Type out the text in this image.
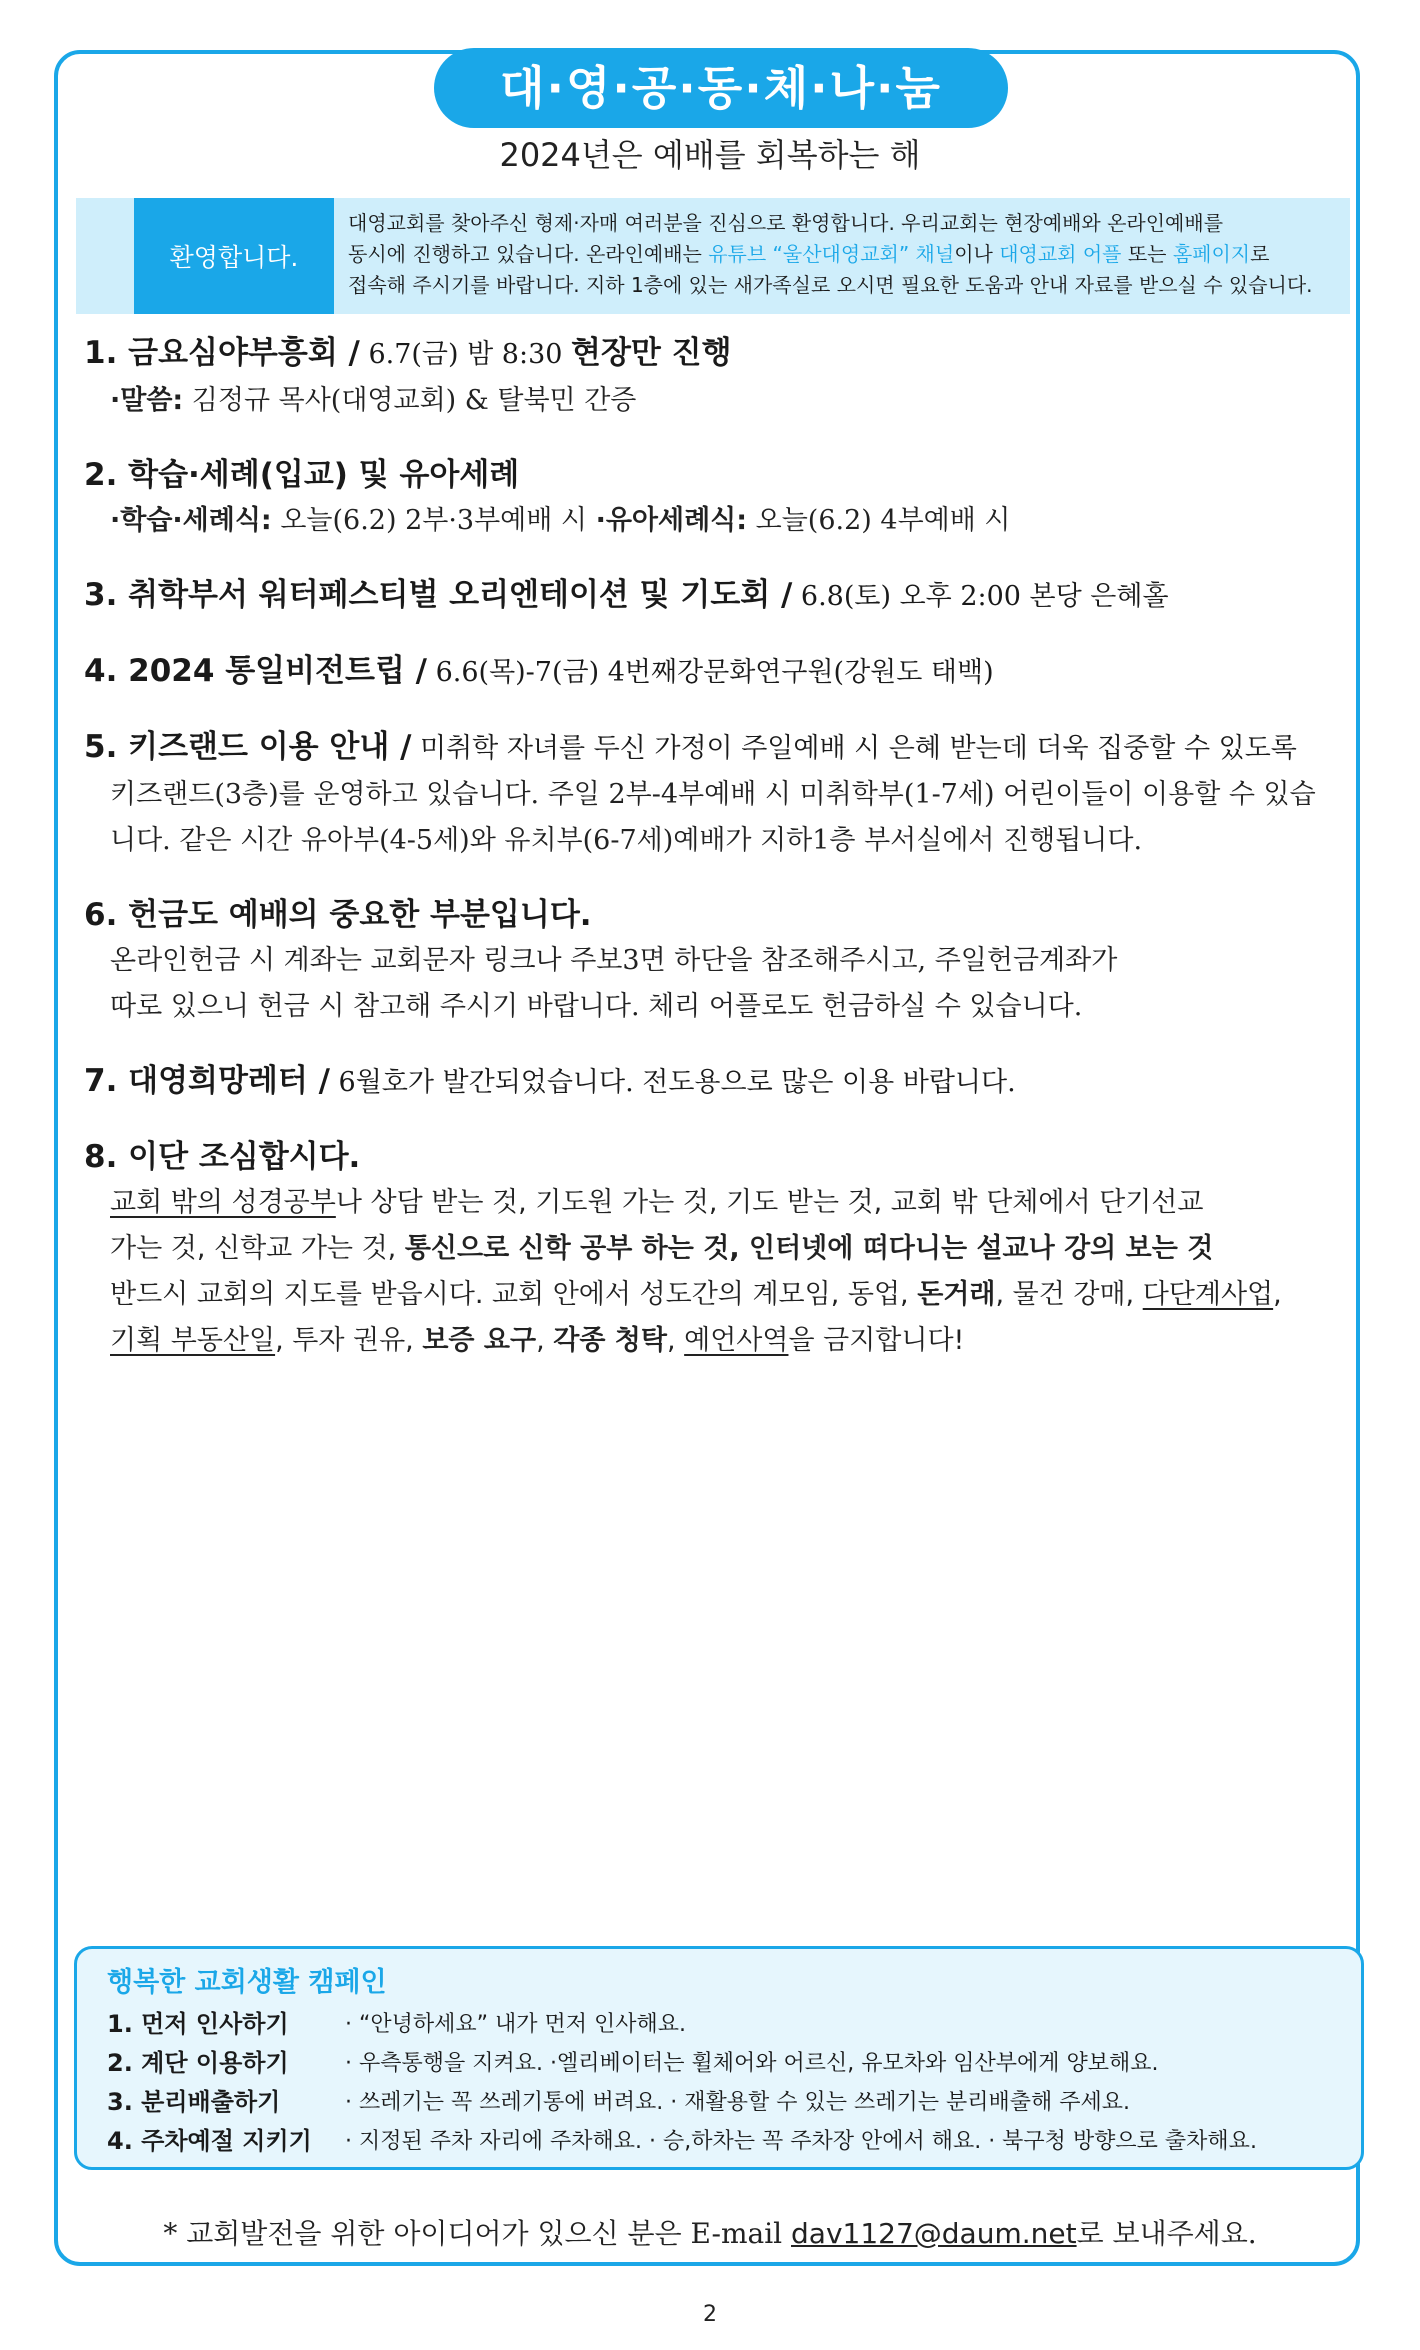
대·영·공·동·체·나·눔
2024년은 예배를 회복하는 해
환영합니다.
대영교회를 찾아주신 형제·자매 여러분을 진심으로 환영합니다. 우리교회는 현장예배와 온라인예배를
동시에 진행하고 있습니다. 온라인예배는 유튜브 “울산대영교회” 채널이나 대영교회 어플 또는 홈페이지로
접속해 주시기를 바랍니다. 지하 1층에 있는 새가족실로 오시면 필요한 도움과 안내 자료를 받으실 수 있습니다.
1. 금요심야부흥회 / 6.7(금) 밤 8:30 현장만 진행
·말씀: 김정규 목사(대영교회) & 탈북민 간증
2. 학습·세례(입교) 및 유아세례
·학습·세례식: 오늘(6.2) 2부·3부예배 시 ·유아세례식: 오늘(6.2) 4부예배 시
3. 취학부서 워터페스티벌 오리엔테이션 및 기도회 / 6.8(토) 오후 2:00 본당 은혜홀
4. 2024 통일비전트립 / 6.6(목)-7(금) 4번째강문화연구원(강원도 태백)
5. 키즈랜드 이용 안내 / 미취학 자녀를 두신 가정이 주일예배 시 은혜 받는데 더욱 집중할 수 있도록
키즈랜드(3층)를 운영하고 있습니다. 주일 2부-4부예배 시 미취학부(1-7세) 어린이들이 이용할 수 있습
니다. 같은 시간 유아부(4-5세)와 유치부(6-7세)예배가 지하1층 부서실에서 진행됩니다.
6. 헌금도 예배의 중요한 부분입니다.
온라인헌금 시 계좌는 교회문자 링크나 주보3면 하단을 참조해주시고, 주일헌금계좌가
따로 있으니 헌금 시 참고해 주시기 바랍니다. 체리 어플로도 헌금하실 수 있습니다.
7. 대영희망레터 / 6월호가 발간되었습니다. 전도용으로 많은 이용 바랍니다.
8. 이단 조심합시다.
교회 밖의 성경공부나 상담 받는 것, 기도원 가는 것, 기도 받는 것, 교회 밖 단체에서 단기선교
가는 것, 신학교 가는 것, 통신으로 신학 공부 하는 것, 인터넷에 떠다니는 설교나 강의 보는 것
반드시 교회의 지도를 받읍시다. 교회 안에서 성도간의 계모임, 동업, 돈거래, 물건 강매, 다단계사업,
기획 부동산일, 투자 권유, 보증 요구, 각종 청탁, 예언사역을 금지합니다!
행복한 교회생활 캠페인
1. 먼저 인사하기	· “안녕하세요” 내가 먼저 인사해요.
2. 계단 이용하기	· 우측통행을 지켜요. ·엘리베이터는 휠체어와 어르신, 유모차와 임산부에게 양보해요.
3. 분리배출하기	· 쓰레기는 꼭 쓰레기통에 버려요. · 재활용할 수 있는 쓰레기는 분리배출해 주세요.
4. 주차예절 지키기	· 지정된 주차 자리에 주차해요. · 승,하차는 꼭 주차장 안에서 해요. · 북구청 방향으로 출차해요.
* 교회발전을 위한 아이디어가 있으신 분은 E-mail dav1127@daum.net로 보내주세요.
2
